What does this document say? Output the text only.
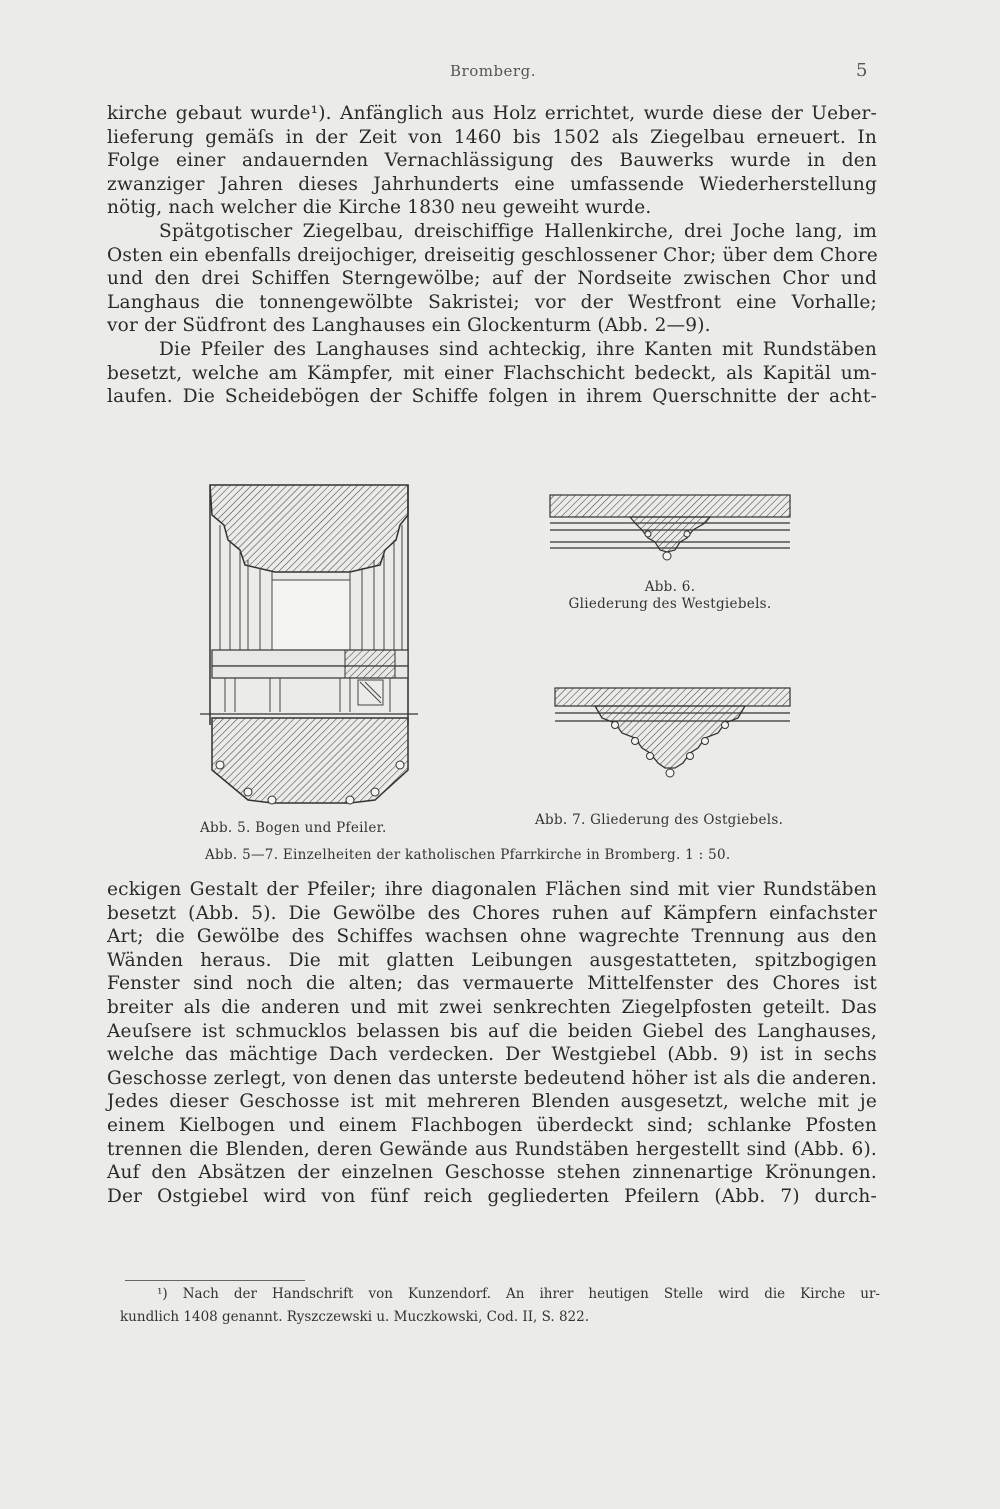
Bromberg.	5
kirche gebaut wurde¹). Anfänglich aus Holz errichtet, wurde diese der Ueber-
lieferung gemäſs in der Zeit von 1460 bis 1502 als Ziegelbau erneuert. In
Folge einer andauernden Vernachlässigung des Bauwerks wurde in den
zwanziger Jahren dieses Jahrhunderts eine umfassende Wiederherstellung
nötig, nach welcher die Kirche 1830 neu geweiht wurde.
Spätgotischer Ziegelbau, dreischiffige Hallenkirche, drei Joche lang, im
Osten ein ebenfalls dreijochiger, dreiseitig geschlossener Chor; über dem Chore
und den drei Schiffen Sterngewölbe; auf der Nordseite zwischen Chor und
Langhaus die tonnengewölbte Sakristei; vor der Westfront eine Vorhalle;
vor der Südfront des Langhauses ein Glockenturm (Abb. 2—9).
Die Pfeiler des Langhauses sind achteckig, ihre Kanten mit Rundstäben
besetzt, welche am Kämpfer, mit einer Flachschicht bedeckt, als Kapitäl um-
laufen. Die Scheidebögen der Schiffe folgen in ihrem Querschnitte der acht-
Abb. 6.
Gliederung des Westgiebels.
Abb. 5. Bogen und Pfeiler.	Abb. 7. Gliederung des Ostgiebels.
Abb. 5—7. Einzelheiten der katholischen Pfarrkirche in Bromberg. 1 : 50.
eckigen Gestalt der Pfeiler; ihre diagonalen Flächen sind mit vier Rundstäben
besetzt (Abb. 5). Die Gewölbe des Chores ruhen auf Kämpfern einfachster
Art; die Gewölbe des Schiffes wachsen ohne wagrechte Trennung aus den
Wänden heraus. Die mit glatten Leibungen ausgestatteten, spitzbogigen
Fenster sind noch die alten; das vermauerte Mittelfenster des Chores ist
breiter als die anderen und mit zwei senkrechten Ziegelpfosten geteilt. Das
Aeuſsere ist schmucklos belassen bis auf die beiden Giebel des Langhauses,
welche das mächtige Dach verdecken. Der Westgiebel (Abb. 9) ist in sechs
Geschosse zerlegt, von denen das unterste bedeutend höher ist als die anderen.
Jedes dieser Geschosse ist mit mehreren Blenden ausgesetzt, welche mit je
einem Kielbogen und einem Flachbogen überdeckt sind; schlanke Pfosten
trennen die Blenden, deren Gewände aus Rundstäben hergestellt sind (Abb. 6).
Auf den Absätzen der einzelnen Geschosse stehen zinnenartige Krönungen.
Der Ostgiebel wird von fünf reich gegliederten Pfeilern (Abb. 7) durch-
¹) Nach der Handschrift von Kunzendorf. An ihrer heutigen Stelle wird die Kirche ur-
kundlich 1408 genannt. Ryszczewski u. Muczkowski, Cod. II, S. 822.
